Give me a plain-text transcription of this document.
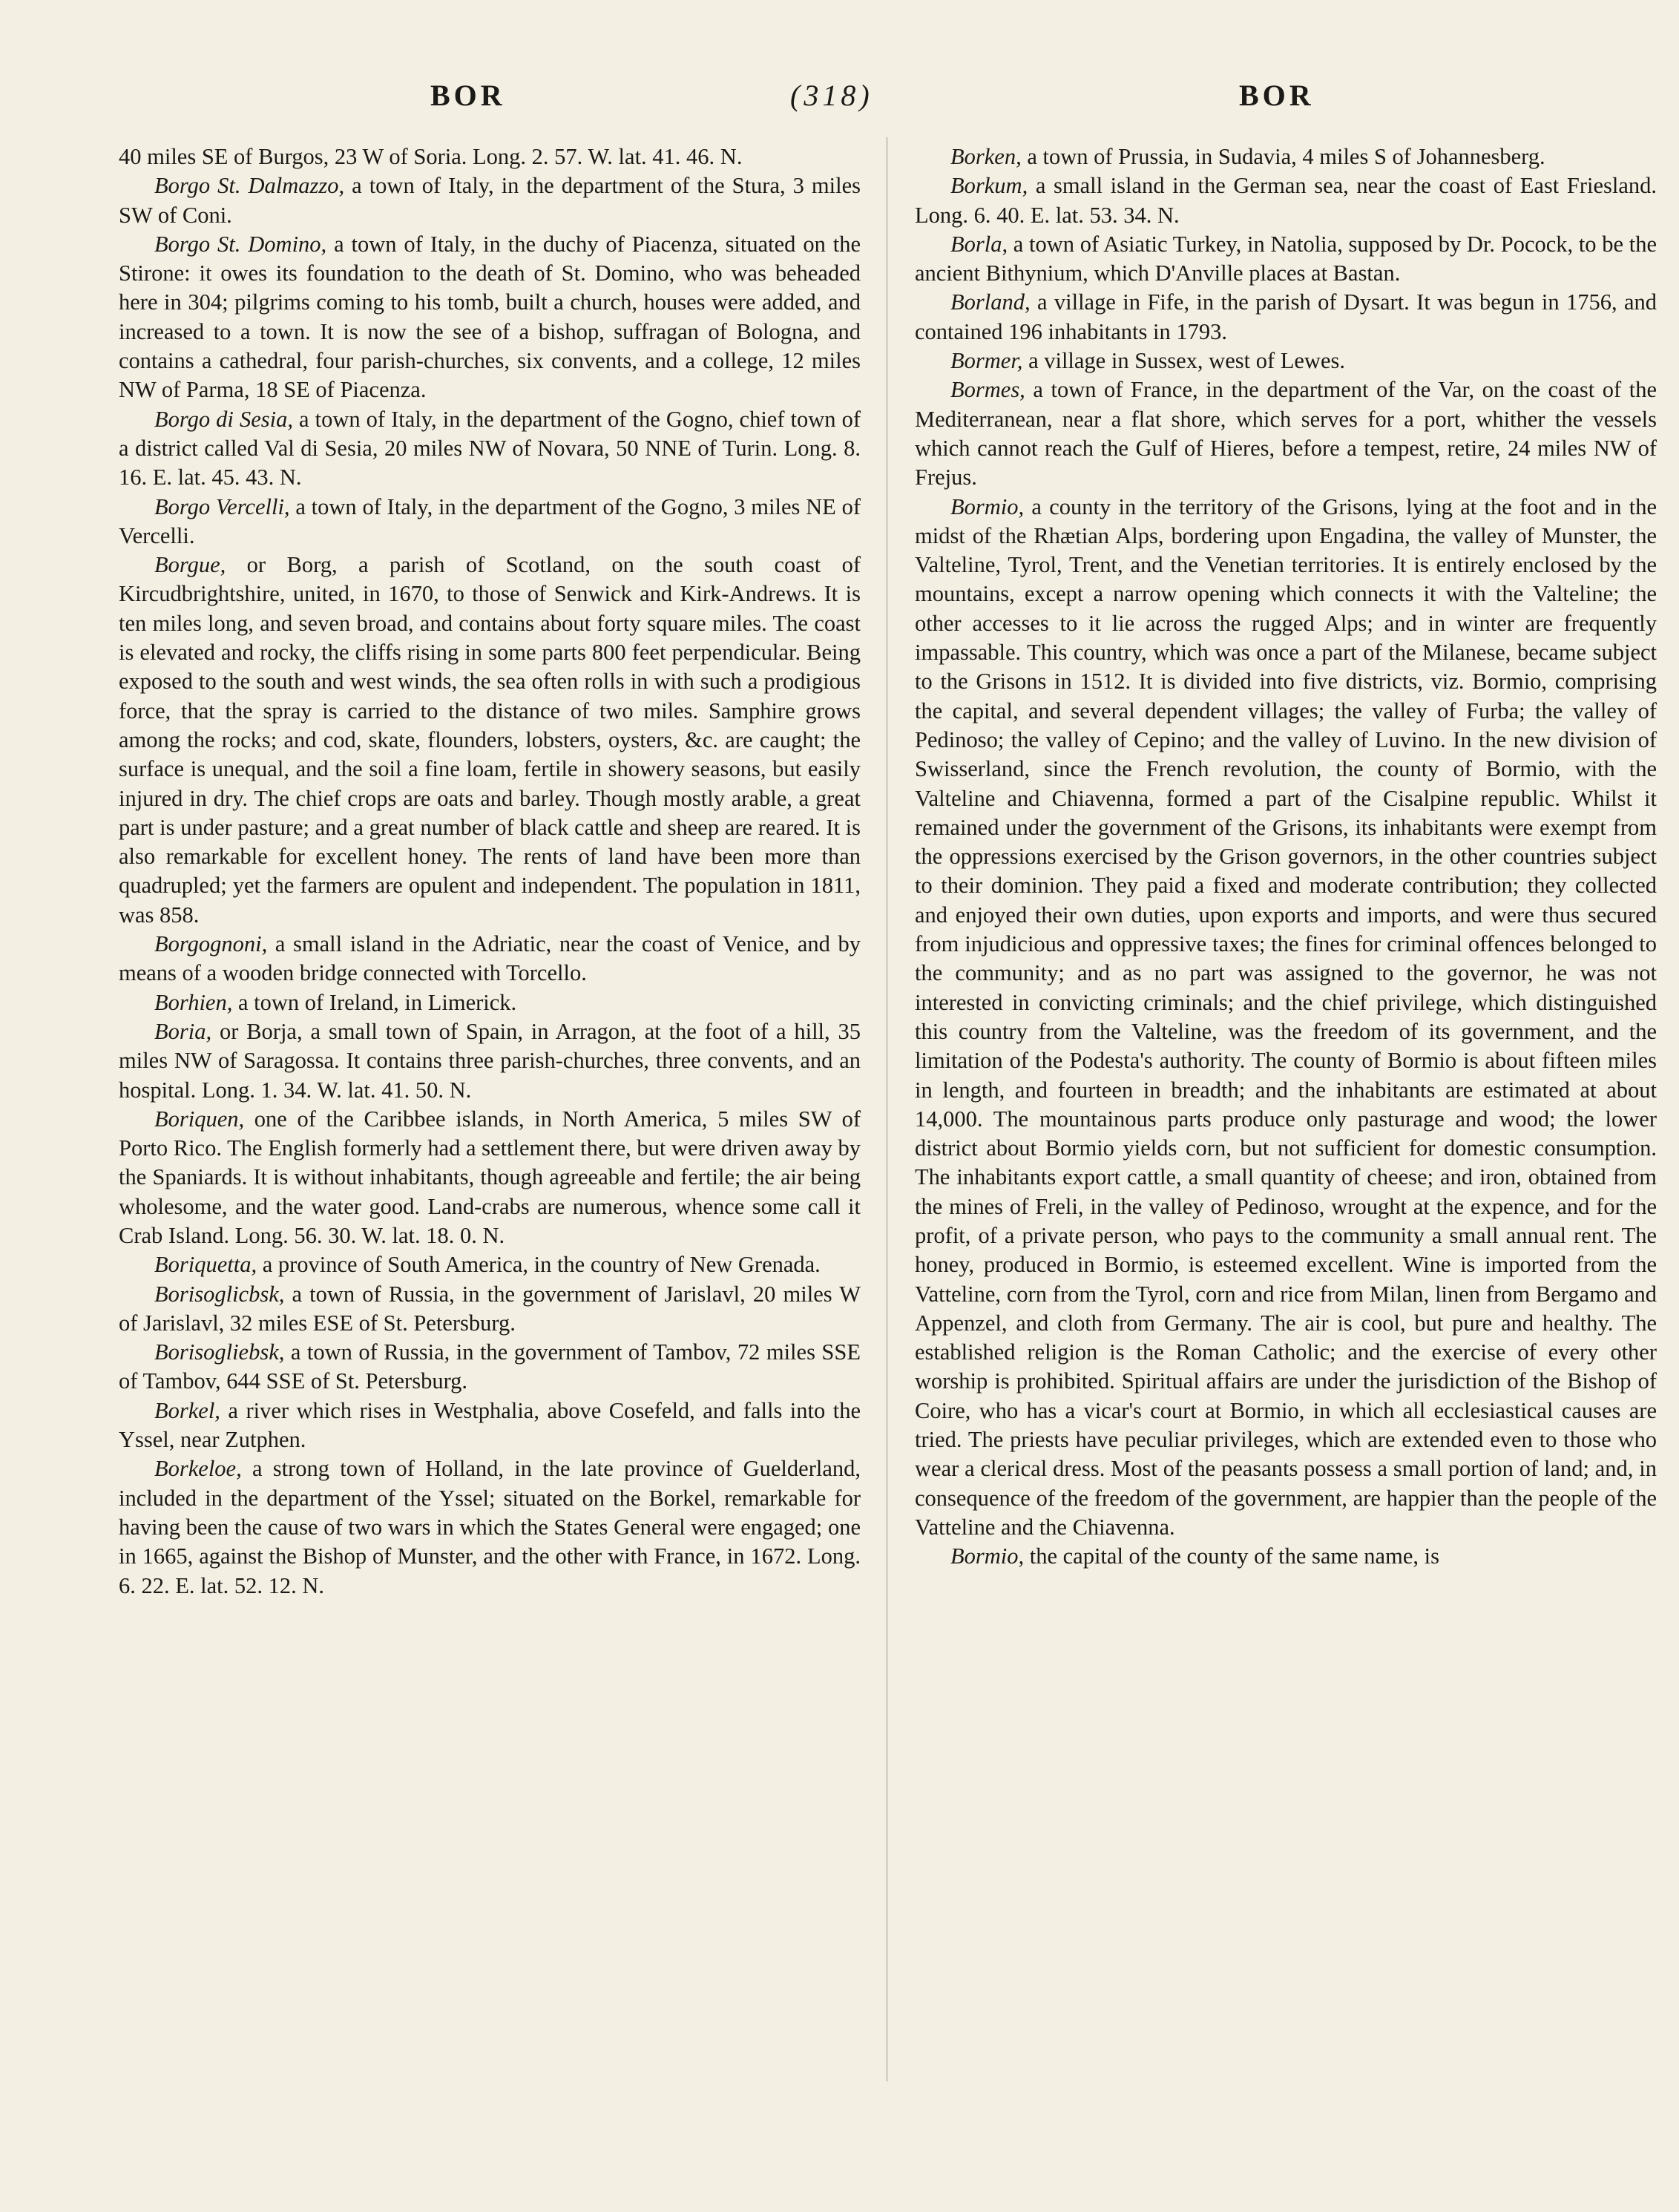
BOR	(318)	BOR

40 miles SE of Burgos, 23 W of Soria. Long. 2. 57. W. lat. 41. 46. N.

Borgo St. Dalmazzo, a town of Italy, in the department of the Stura, 3 miles SW of Coni.

Borgo St. Domino, a town of Italy, in the duchy of Piacenza, situated on the Stirone: it owes its foundation to the death of St. Domino, who was beheaded here in 304; pilgrims coming to his tomb, built a church, houses were added, and increased to a town. It is now the see of a bishop, suffragan of Bologna, and contains a cathedral, four parish-churches, six convents, and a college, 12 miles NW of Parma, 18 SE of Piacenza.

Borgo di Sesia, a town of Italy, in the department of the Gogno, chief town of a district called Val di Sesia, 20 miles NW of Novara, 50 NNE of Turin. Long. 8. 16. E. lat. 45. 43. N.

Borgo Vercelli, a town of Italy, in the department of the Gogno, 3 miles NE of Vercelli.

Borgue, or Borg, a parish of Scotland, on the south coast of Kircudbrightshire, united, in 1670, to those of Senwick and Kirk-Andrews. It is ten miles long, and seven broad, and contains about forty square miles. The coast is elevated and rocky, the cliffs rising in some parts 800 feet perpendicular. Being exposed to the south and west winds, the sea often rolls in with such a prodigious force, that the spray is carried to the distance of two miles. Samphire grows among the rocks; and cod, skate, flounders, lobsters, oysters, &c. are caught; the surface is unequal, and the soil a fine loam, fertile in showery seasons, but easily injured in dry. The chief crops are oats and barley. Though mostly arable, a great part is under pasture; and a great number of black cattle and sheep are reared. It is also remarkable for excellent honey. The rents of land have been more than quadrupled; yet the farmers are opulent and independent. The population in 1811, was 858.

Borgognoni, a small island in the Adriatic, near the coast of Venice, and by means of a wooden bridge connected with Torcello.

Borhien, a town of Ireland, in Limerick.

Boria, or Borja, a small town of Spain, in Arragon, at the foot of a hill, 35 miles NW of Saragossa. It contains three parish-churches, three convents, and an hospital. Long. 1. 34. W. lat. 41. 50. N.

Boriquen, one of the Caribbee islands, in North America, 5 miles SW of Porto Rico. The English formerly had a settlement there, but were driven away by the Spaniards. It is without inhabitants, though agreeable and fertile; the air being wholesome, and the water good. Land-crabs are numerous, whence some call it Crab Island. Long. 56. 30. W. lat. 18. 0. N.

Boriquetta, a province of South America, in the country of New Grenada.

Borisoglicbsk, a town of Russia, in the government of Jarislavl, 20 miles W of Jarislavl, 32 miles ESE of St. Petersburg.

Borisogliebsk, a town of Russia, in the government of Tambov, 72 miles SSE of Tambov, 644 SSE of St. Petersburg.

Borkel, a river which rises in Westphalia, above Cosefeld, and falls into the Yssel, near Zutphen.

Borkeloe, a strong town of Holland, in the late province of Guelderland, included in the department of the Yssel; situated on the Borkel, remarkable for having been the cause of two wars in which the States General were engaged; one in 1665, against the Bishop of Munster, and the other with France, in 1672. Long. 6. 22. E. lat. 52. 12. N.

Borken, a town of Prussia, in Sudavia, 4 miles S of Johannesberg.

Borkum, a small island in the German sea, near the coast of East Friesland. Long. 6. 40. E. lat. 53. 34. N.

Borla, a town of Asiatic Turkey, in Natolia, supposed by Dr. Pocock, to be the ancient Bithynium, which D'Anville places at Bastan.

Borland, a village in Fife, in the parish of Dysart. It was begun in 1756, and contained 196 inhabitants in 1793.

Bormer, a village in Sussex, west of Lewes.

Bormes, a town of France, in the department of the Var, on the coast of the Mediterranean, near a flat shore, which serves for a port, whither the vessels which cannot reach the Gulf of Hieres, before a tempest, retire, 24 miles NW of Frejus.

Bormio, a county in the territory of the Grisons, lying at the foot and in the midst of the Rhætian Alps, bordering upon Engadina, the valley of Munster, the Valteline, Tyrol, Trent, and the Venetian territories. It is entirely enclosed by the mountains, except a narrow opening which connects it with the Valteline; the other accesses to it lie across the rugged Alps; and in winter are frequently impassable. This country, which was once a part of the Milanese, became subject to the Grisons in 1512. It is divided into five districts, viz. Bormio, comprising the capital, and several dependent villages; the valley of Furba; the valley of Pedinoso; the valley of Cepino; and the valley of Luvino. In the new division of Swisserland, since the French revolution, the county of Bormio, with the Valteline and Chiavenna, formed a part of the Cisalpine republic. Whilst it remained under the government of the Grisons, its inhabitants were exempt from the oppressions exercised by the Grison governors, in the other countries subject to their dominion. They paid a fixed and moderate contribution; they collected and enjoyed their own duties, upon exports and imports, and were thus secured from injudicious and oppressive taxes; the fines for criminal offences belonged to the community; and as no part was assigned to the governor, he was not interested in convicting criminals; and the chief privilege, which distinguished this country from the Valteline, was the freedom of its government, and the limitation of the Podesta's authority. The county of Bormio is about fifteen miles in length, and fourteen in breadth; and the inhabitants are estimated at about 14,000. The mountainous parts produce only pasturage and wood; the lower district about Bormio yields corn, but not sufficient for domestic consumption. The inhabitants export cattle, a small quantity of cheese; and iron, obtained from the mines of Freli, in the valley of Pedinoso, wrought at the expence, and for the profit, of a private person, who pays to the community a small annual rent. The honey, produced in Bormio, is esteemed excellent. Wine is imported from the Vatteline, corn from the Tyrol, corn and rice from Milan, linen from Bergamo and Appenzel, and cloth from Germany. The air is cool, but pure and healthy. The established religion is the Roman Catholic; and the exercise of every other worship is prohibited. Spiritual affairs are under the jurisdiction of the Bishop of Coire, who has a vicar's court at Bormio, in which all ecclesiastical causes are tried. The priests have peculiar privileges, which are extended even to those who wear a clerical dress. Most of the peasants possess a small portion of land; and, in consequence of the freedom of the government, are happier than the people of the Vatteline and the Chiavenna.

Bormio, the capital of the county of the same name, is
